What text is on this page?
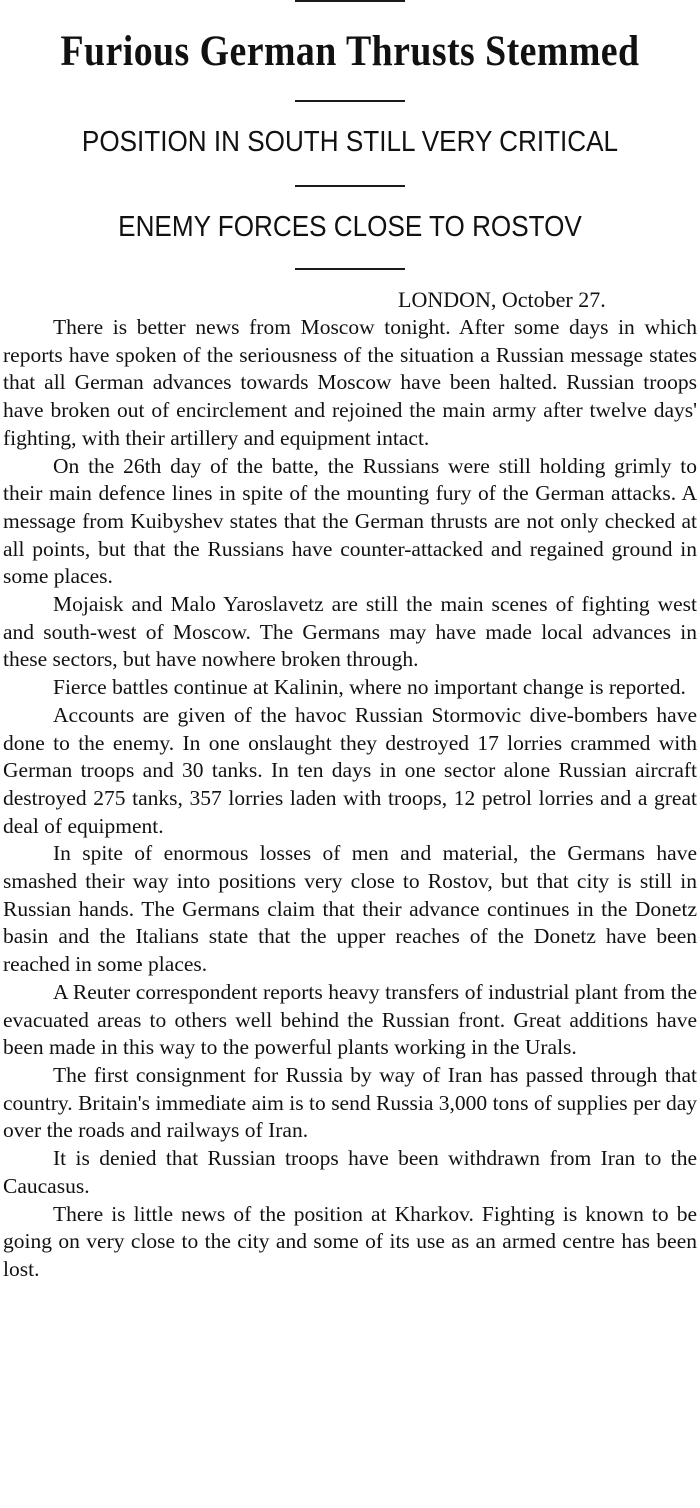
Furious German Thrusts Stemmed
POSITION IN SOUTH STILL VERY CRITICAL
ENEMY FORCES CLOSE TO ROSTOV
LONDON, October 27.

There is better news from Moscow tonight. After some days in which reports have spoken of the seriousness of the situation a Russian message states that all German advances towards Moscow have been halted. Russian troops have broken out of encirclement and rejoined the main army after twelve days' fighting, with their artillery and equipment intact.

On the 26th day of the batte, the Russians were still holding grimly to their main defence lines in spite of the mounting fury of the German attacks. A message from Kuibyshev states that the German thrusts are not only checked at all points, but that the Russians have counter-attacked and regained ground in some places.

Mojaisk and Malo Yaroslavetz are still the main scenes of fighting west and south-west of Moscow. The Germans may have made local advances in these sectors, but have nowhere broken through.

Fierce battles continue at Kalinin, where no important change is reported.

Accounts are given of the havoc Russian Stormovic dive-bombers have done to the enemy. In one onslaught they destroyed 17 lorries crammed with German troops and 30 tanks. In ten days in one sector alone Russian aircraft destroyed 275 tanks, 357 lorries laden with troops, 12 petrol lorries and a great deal of equipment.

In spite of enormous losses of men and material, the Germans have smashed their way into positions very close to Rostov, but that city is still in Russian hands. The Germans claim that their advance continues in the Donetz basin and the Italians state that the upper reaches of the Donetz have been reached in some places.

A Reuter correspondent reports heavy transfers of industrial plant from the evacuated areas to others well behind the Russian front. Great additions have been made in this way to the powerful plants working in the Urals.

The first consignment for Russia by way of Iran has passed through that country. Britain's immediate aim is to send Russia 3,000 tons of supplies per day over the roads and railways of Iran.

It is denied that Russian troops have been withdrawn from Iran to the Caucasus.

There is little news of the position at Kharkov. Fighting is known to be going on very close to the city and some of its use as an armed centre has been lost.
